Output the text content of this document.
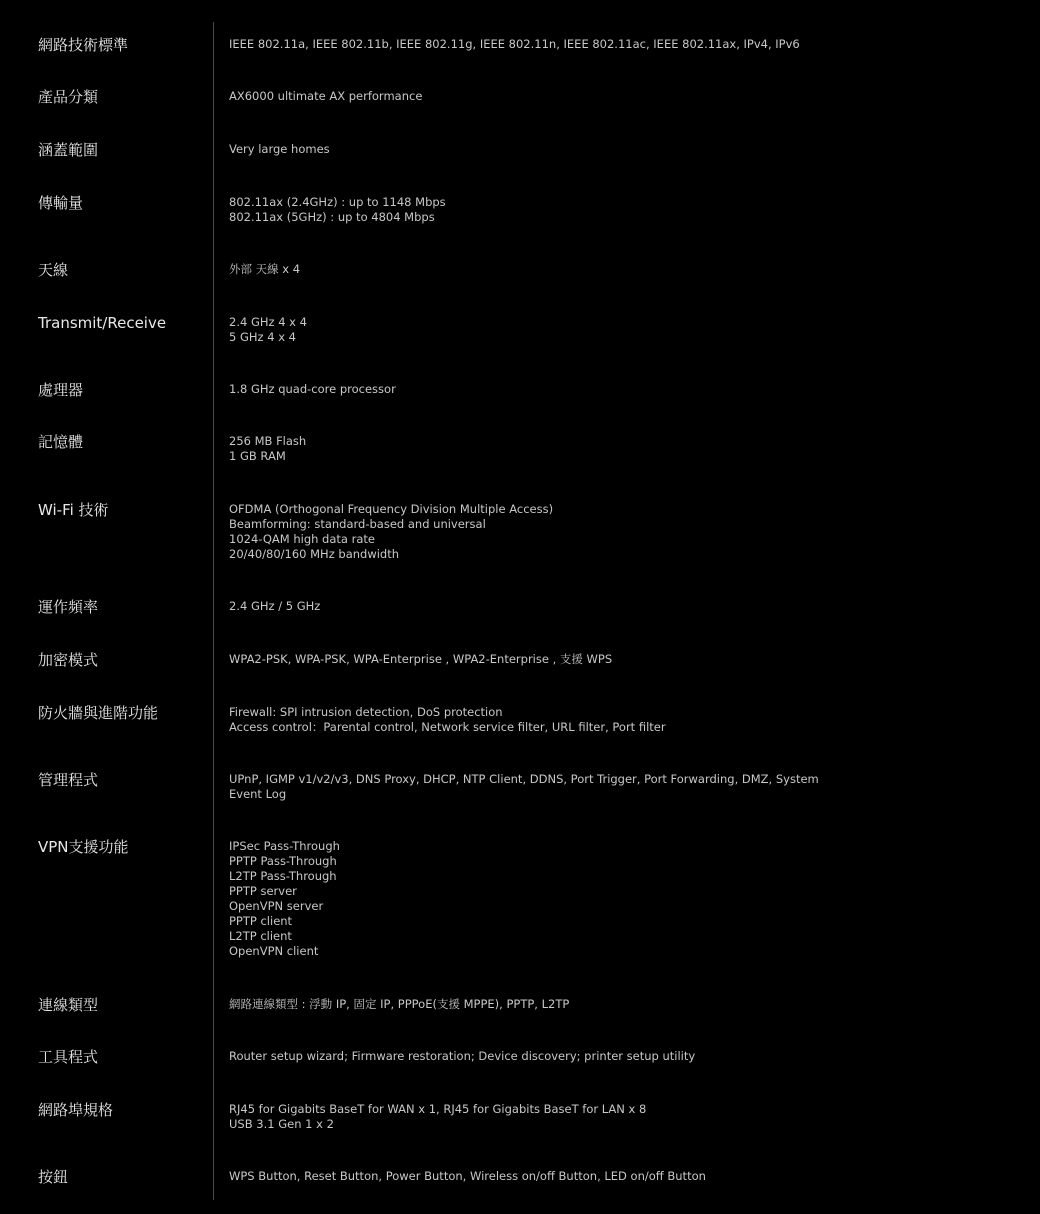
網路技術標準	IEEE 802.11a, IEEE 802.11b, IEEE 802.11g, IEEE 802.11n, IEEE 802.11ac, IEEE 802.11ax, IPv4, IPv6
產品分類	AX6000 ultimate AX performance
涵蓋範圍	Very large homes
傳輸量	802.11ax (2.4GHz) : up to 1148 Mbps
802.11ax (5GHz) : up to 4804 Mbps
天線	外部 天線 x 4
Transmit/Receive	2.4 GHz 4 x 4
5 GHz 4 x 4
處理器	1.8 GHz quad-core processor
記憶體	256 MB Flash
1 GB RAM
Wi-Fi 技術	OFDMA (Orthogonal Frequency Division Multiple Access)
Beamforming: standard-based and universal
1024-QAM high data rate
20/40/80/160 MHz bandwidth
運作頻率	2.4 GHz / 5 GHz
加密模式	WPA2-PSK, WPA-PSK, WPA-Enterprise , WPA2-Enterprise , 支援 WPS
防火牆與進階功能	Firewall: SPI intrusion detection, DoS protection
Access control：Parental control, Network service filter, URL filter, Port filter
管理程式	UPnP, IGMP v1/v2/v3, DNS Proxy, DHCP, NTP Client, DDNS, Port Trigger, Port Forwarding, DMZ, System Event Log
VPN支援功能	IPSec Pass-Through
PPTP Pass-Through
L2TP Pass-Through
PPTP server
OpenVPN server
PPTP client
L2TP client
OpenVPN client
連線類型	網路連線類型 : 浮動 IP, 固定 IP, PPPoE(支援 MPPE), PPTP, L2TP
工具程式	Router setup wizard; Firmware restoration; Device discovery; printer setup utility
網路埠規格	RJ45 for Gigabits BaseT for WAN x 1, RJ45 for Gigabits BaseT for LAN x 8
USB 3.1 Gen 1 x 2
按鈕	WPS Button, Reset Button, Power Button, Wireless on/off Button, LED on/off Button
